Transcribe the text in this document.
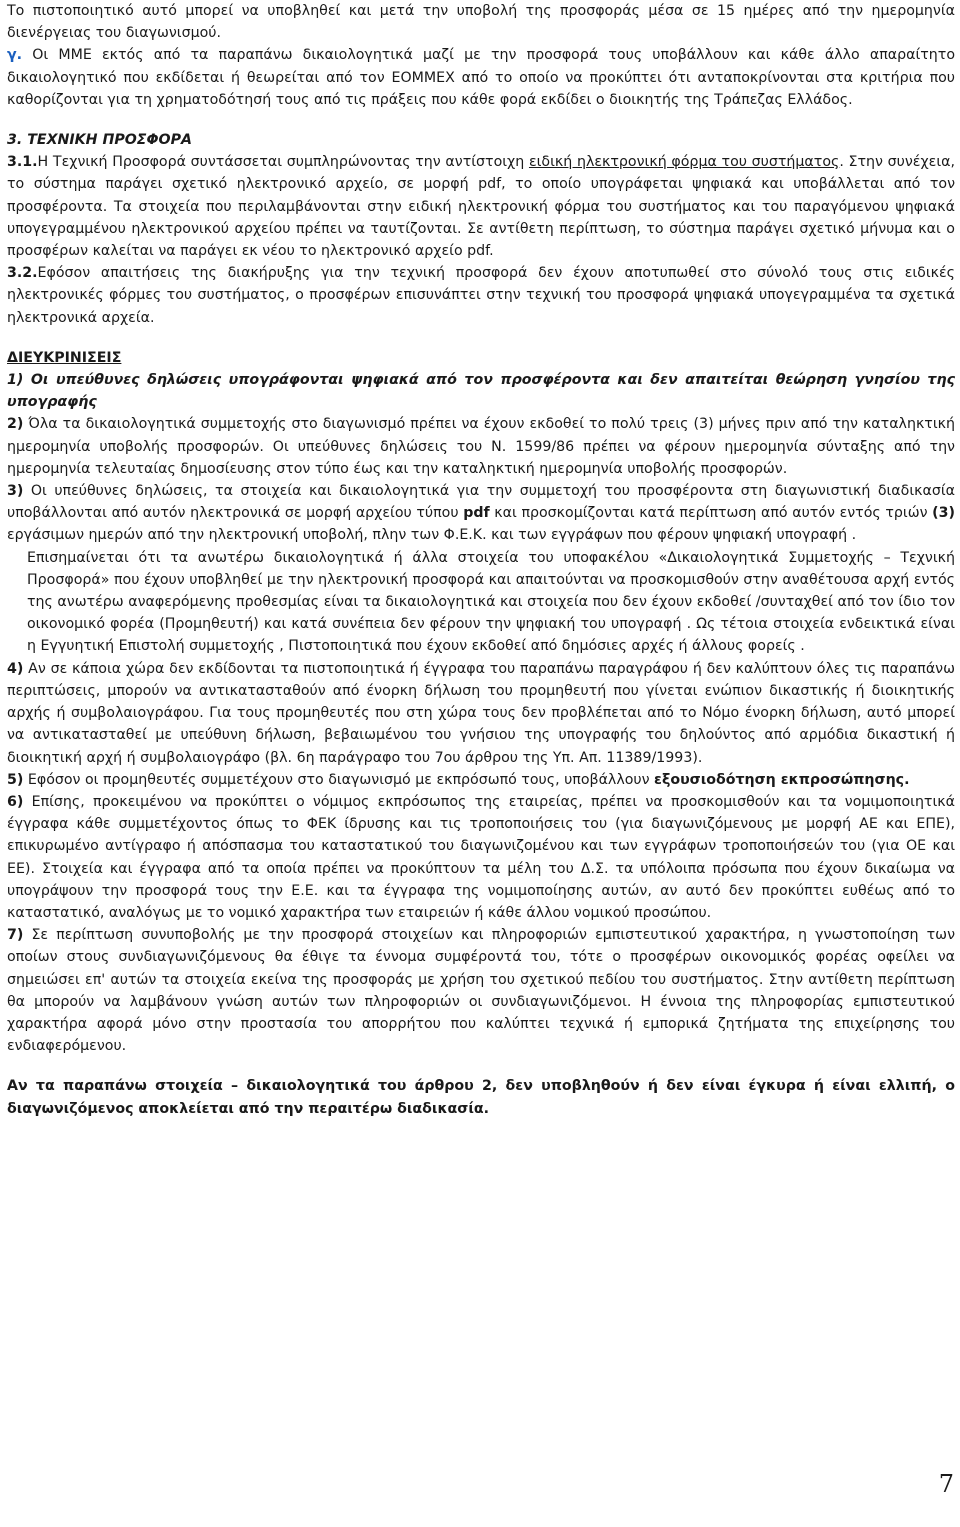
Το πιστοποιητικό αυτό μπορεί να υποβληθεί και μετά την υποβολή της προσφοράς μέσα σε 15 ημέρες από την ημερομηνία διενέργειας του διαγωνισμού.

γ. Οι ΜΜΕ εκτός από τα παραπάνω δικαιολογητικά μαζί με την προσφορά τους υποβάλλουν και κάθε άλλο απαραίτητο δικαιολογητικό που εκδίδεται ή θεωρείται από τον ΕΟΜΜΕΧ από το οποίο να προκύπτει ότι ανταποκρίνονται στα κριτήρια που καθορίζονται για τη χρηματοδότησή τους από τις πράξεις που κάθε φορά εκδίδει ο διοικητής της Τράπεζας Ελλάδος.

3. ΤΕΧΝΙΚΗ ΠΡΟΣΦΟΡΑ

3.1.Η Τεχνική Προσφορά συντάσσεται συμπληρώνοντας την αντίστοιχη ειδική ηλεκτρονική φόρμα του συστήματος. Στην συνέχεια, το σύστημα παράγει σχετικό ηλεκτρονικό αρχείο, σε μορφή pdf, το οποίο υπογράφεται ψηφιακά και υποβάλλεται από τον προσφέροντα. Τα στοιχεία που περιλαμβάνονται στην ειδική ηλεκτρονική φόρμα του συστήματος και του παραγόμενου ψηφιακά υπογεγραμμένου ηλεκτρονικού αρχείου πρέπει να ταυτίζονται. Σε αντίθετη περίπτωση, το σύστημα παράγει σχετικό μήνυμα και ο προσφέρων καλείται να παράγει εκ νέου το ηλεκτρονικό αρχείο pdf.

3.2.Εφόσον απαιτήσεις της διακήρυξης για την τεχνική προσφορά δεν έχουν αποτυπωθεί στο σύνολό τους στις ειδικές ηλεκτρονικές φόρμες του συστήματος, ο προσφέρων επισυνάπτει στην τεχνική του προσφορά ψηφιακά υπογεγραμμένα τα σχετικά ηλεκτρονικά αρχεία.

ΔΙΕΥΚΡΙΝΙΣΕΙΣ

1) Οι υπεύθυνες δηλώσεις υπογράφονται ψηφιακά από τον προσφέροντα και δεν απαιτείται θεώρηση γνησίου της υπογραφής

2) Όλα τα δικαιολογητικά συμμετοχής στο διαγωνισμό πρέπει να έχουν εκδοθεί το πολύ τρεις (3) μήνες πριν από την καταληκτική ημερομηνία υποβολής προσφορών. Οι υπεύθυνες δηλώσεις του Ν. 1599/86 πρέπει να φέρουν ημερομηνία σύνταξης από την ημερομηνία τελευταίας δημοσίευσης στον τύπο έως και την καταληκτική ημερομηνία υποβολής προσφορών.

3) Οι υπεύθυνες δηλώσεις, τα στοιχεία και δικαιολογητικά για την συμμετοχή του προσφέροντα στη διαγωνιστική διαδικασία υποβάλλονται από αυτόν ηλεκτρονικά σε μορφή αρχείου τύπου pdf και προσκομίζονται κατά περίπτωση από αυτόν εντός τριών (3) εργάσιμων ημερών από την ηλεκτρονική υποβολή, πλην των Φ.Ε.Κ. και των εγγράφων που φέρουν ψηφιακή υπογραφή .

Επισημαίνεται ότι τα ανωτέρω δικαιολογητικά ή άλλα στοιχεία του υποφακέλου «Δικαιολογητικά Συμμετοχής – Τεχνική Προσφορά» που έχουν υποβληθεί με την ηλεκτρονική προσφορά και απαιτούνται να προσκομισθούν στην αναθέτουσα αρχή εντός της ανωτέρω αναφερόμενης προθεσμίας είναι τα δικαιολογητικά και στοιχεία που δεν έχουν εκδοθεί /συνταχθεί από τον ίδιο τον οικονομικό φορέα (Προμηθευτή) και κατά συνέπεια δεν φέρουν την ψηφιακή του υπογραφή . Ως τέτοια στοιχεία ενδεικτικά είναι η Εγγυητική Επιστολή συμμετοχής , Πιστοποιητικά που έχουν εκδοθεί από δημόσιες αρχές ή άλλους φορείς .

4) Αν σε κάποια χώρα δεν εκδίδονται τα πιστοποιητικά ή έγγραφα του παραπάνω παραγράφου ή δεν καλύπτουν όλες τις παραπάνω περιπτώσεις, μπορούν να αντικατασταθούν από ένορκη δήλωση του προμηθευτή που γίνεται ενώπιον δικαστικής ή διοικητικής αρχής ή συμβολαιογράφου. Για τους προμηθευτές που στη χώρα τους δεν προβλέπεται από το Νόμο ένορκη δήλωση, αυτό μπορεί να αντικατασταθεί με υπεύθυνη δήλωση, βεβαιωμένου του γνήσιου της υπογραφής του δηλούντος από αρμόδια δικαστική ή διοικητική αρχή ή συμβολαιογράφο (βλ. 6η παράγραφο του 7ου άρθρου της Υπ. Απ. 11389/1993).

5) Εφόσον οι προμηθευτές συμμετέχουν στο διαγωνισμό με εκπρόσωπό τους, υποβάλλουν εξουσιοδότηση εκπροσώπησης.

6) Επίσης, προκειμένου να προκύπτει ο νόμιμος εκπρόσωπος της εταιρείας, πρέπει να προσκομισθούν και τα νομιμοποιητικά έγγραφα κάθε συμμετέχοντος όπως το ΦΕΚ ίδρυσης και τις τροποποιήσεις του (για διαγωνιζόμενους με μορφή ΑΕ και ΕΠΕ), επικυρωμένο αντίγραφο ή απόσπασμα του καταστατικού του διαγωνιζομένου και των εγγράφων τροποποιήσεών του (για ΟΕ και ΕΕ). Στοιχεία και έγγραφα από τα οποία πρέπει να προκύπτουν τα μέλη του Δ.Σ. τα υπόλοιπα πρόσωπα που έχουν δικαίωμα να υπογράψουν την προσφορά τους την Ε.Ε. και τα έγγραφα της νομιμοποίησης αυτών, αν αυτό δεν προκύπτει ευθέως από το καταστατικό, αναλόγως με το νομικό χαρακτήρα των εταιρειών ή κάθε άλλου νομικού προσώπου.

7) Σε περίπτωση συνυποβολής με την προσφορά στοιχείων και πληροφοριών εμπιστευτικού χαρακτήρα, η γνωστοποίηση των οποίων στους συνδιαγωνιζόμενους θα έθιγε τα έννομα συμφέροντά του, τότε ο προσφέρων οικονομικός φορέας οφείλει να σημειώσει επ' αυτών τα στοιχεία εκείνα της προσφοράς με χρήση του σχετικού πεδίου του συστήματος. Στην αντίθετη περίπτωση θα μπορούν να λαμβάνουν γνώση αυτών των πληροφοριών οι συνδιαγωνιζόμενοι. Η έννοια της πληροφορίας εμπιστευτικού χαρακτήρα αφορά μόνο στην προστασία του απορρήτου που καλύπτει τεχνικά ή εμπορικά ζητήματα της επιχείρησης του ενδιαφερόμενου.

Αν τα παραπάνω στοιχεία – δικαιολογητικά του άρθρου 2, δεν υποβληθούν ή δεν είναι έγκυρα ή είναι ελλιπή, ο διαγωνιζόμενος αποκλείεται από την περαιτέρω διαδικασία.

7
